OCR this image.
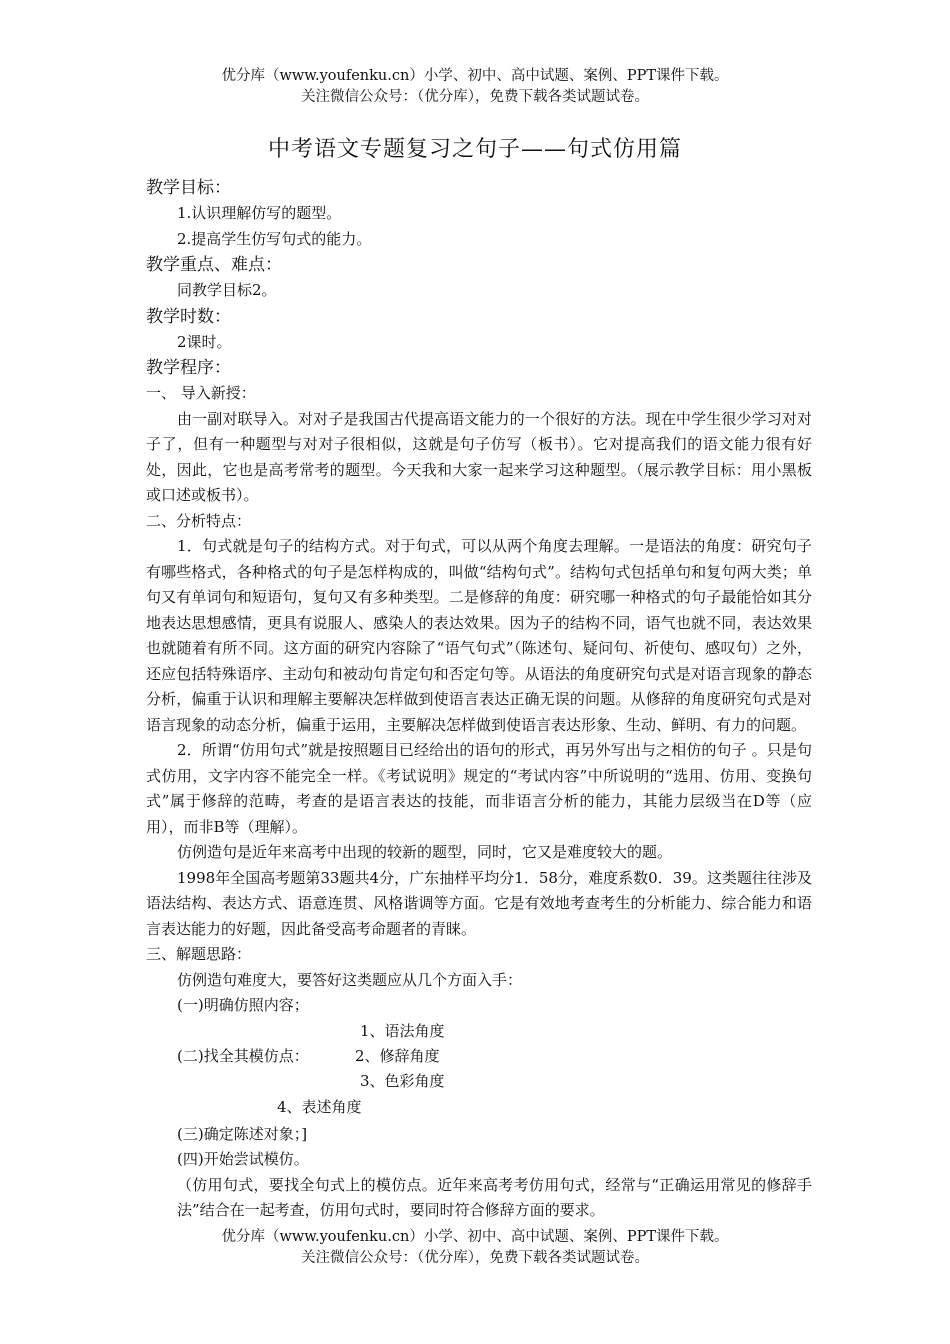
优分库（www.youfenku.cn）小学、初中、高中试题、案例、PPT课件下载。
关注微信公众号：（优分库），免费下载各类试题试卷。
中考语文专题复习之句子——句式仿用篇
教学目标：
1.认识理解仿写的题型。
2.提高学生仿写句式的能力。
教学重点、难点：
同教学目标2。
教学时数：
2课时。
教学程序：
一、 导入新授：

由一副对联导入。对对子是我国古代提高语文能力的一个很好的方法。现在中学生很少学习对对子了，但有一种题型与对对子很相似，这就是句子仿写（板书）。它对提高我们的语文能力很有好处，因此，它也是高考常考的题型。今天我和大家一起来学习这种题型。（展示教学目标：用小黑板或口述或板书）。

二、分析特点：

1．句式就是句子的结构方式。对于句式，可以从两个角度去理解。一是语法的角度：研究句子有哪些格式，各种格式的句子是怎样构成的，叫做“结构句式”。结构句式包括单句和复句两大类；单句又有单词句和短语句，复句又有多种类型。二是修辞的角度：研究哪一种格式的句子最能恰如其分地表达思想感情，更具有说服人、感染人的表达效果。因为子的结构不同，语气也就不同，表达效果也就随着有所不同。这方面的研究内容除了“语气句式”（陈述句、疑问句、祈使句、感叹句）之外，还应包括特殊语序、主动句和被动句肯定句和否定句等。从语法的角度研究句式是对语言现象的静态分析，偏重于认识和理解主要解决怎样做到使语言表达正确无误的问题。从修辞的角度研究句式是对语言现象的动态分析，偏重于运用，主要解决怎样做到使语言表达形象、生动、鲜明、有力的问题。

2．所谓“仿用句式”就是按照题目已经给出的语句的形式，再另外写出与之相仿的句子 。只是句式仿用，文字内容不能完全一样。《考试说明》规定的“考试内容”中所说明的“选用、仿用、变换句式”属于修辞的范畴，考查的是语言表达的技能，而非语言分析的能力，其能力层级当在D等（应用），而非B等（理解）。

仿例造句是近年来高考中出现的较新的题型，同时，它又是难度较大的题。

1998年全国高考题第33题共4分，广东抽样平均分1．58分，难度系数0．39。这类题往往涉及语法结构、表达方式、语意连贯、风格谐调等方面。它是有效地考查考生的分析能力、综合能力和语言表达能力的好题，因此备受高考命题者的青睐。

三、解题思路：
仿例造句难度大，要答好这类题应从几个方面入手：
(一)明确仿照内容；
1、语法角度
(二)找全其模仿点：	2、修辞角度
3、色彩角度
4、表述角度
(三)确定陈述对象；]
(四)开始尝试模仿。

（仿用句式，要找全句式上的模仿点。近年来高考考仿用句式，经常与“正确运用常见的修辞手法”结合在一起考查，仿用句式时，要同时符合修辞方面的要求。

优分库（www.youfenku.cn）小学、初中、高中试题、案例、PPT课件下载。
关注微信公众号：（优分库），免费下载各类试题试卷。
